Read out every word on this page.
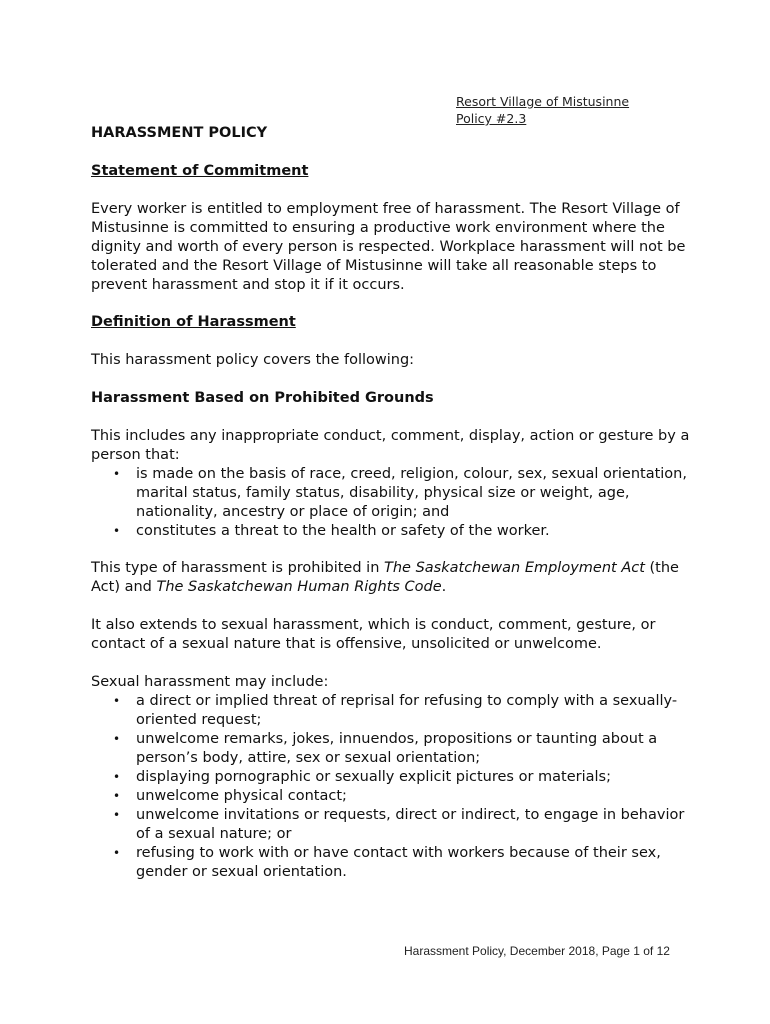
Resort Village of Mistusinne
Policy #2.3
HARASSMENT POLICY
Statement of Commitment

Every worker is entitled to employment free of harassment. The Resort Village of Mistusinne is committed to ensuring a productive work environment where the dignity and worth of every person is respected. Workplace harassment will not be tolerated and the Resort Village of Mistusinne will take all reasonable steps to prevent harassment and stop it if it occurs.

Definition of Harassment

This harassment policy covers the following:

Harassment Based on Prohibited Grounds

This includes any inappropriate conduct, comment, display, action or gesture by a person that:

• is made on the basis of race, creed, religion, colour, sex, sexual orientation, marital status, family status, disability, physical size or weight, age, nationality, ancestry or place of origin; and
• constitutes a threat to the health or safety of the worker.

This type of harassment is prohibited in The Saskatchewan Employment Act (the Act) and The Saskatchewan Human Rights Code.

It also extends to sexual harassment, which is conduct, comment, gesture, or contact of a sexual nature that is offensive, unsolicited or unwelcome.

Sexual harassment may include:

• a direct or implied threat of reprisal for refusing to comply with a sexually-oriented request;
• unwelcome remarks, jokes, innuendos, propositions or taunting about a person’s body, attire, sex or sexual orientation;
• displaying pornographic or sexually explicit pictures or materials;
• unwelcome physical contact;
• unwelcome invitations or requests, direct or indirect, to engage in behavior of a sexual nature; or
• refusing to work with or have contact with workers because of their sex, gender or sexual orientation.
Harassment Policy, December 2018, Page 1 of 12
